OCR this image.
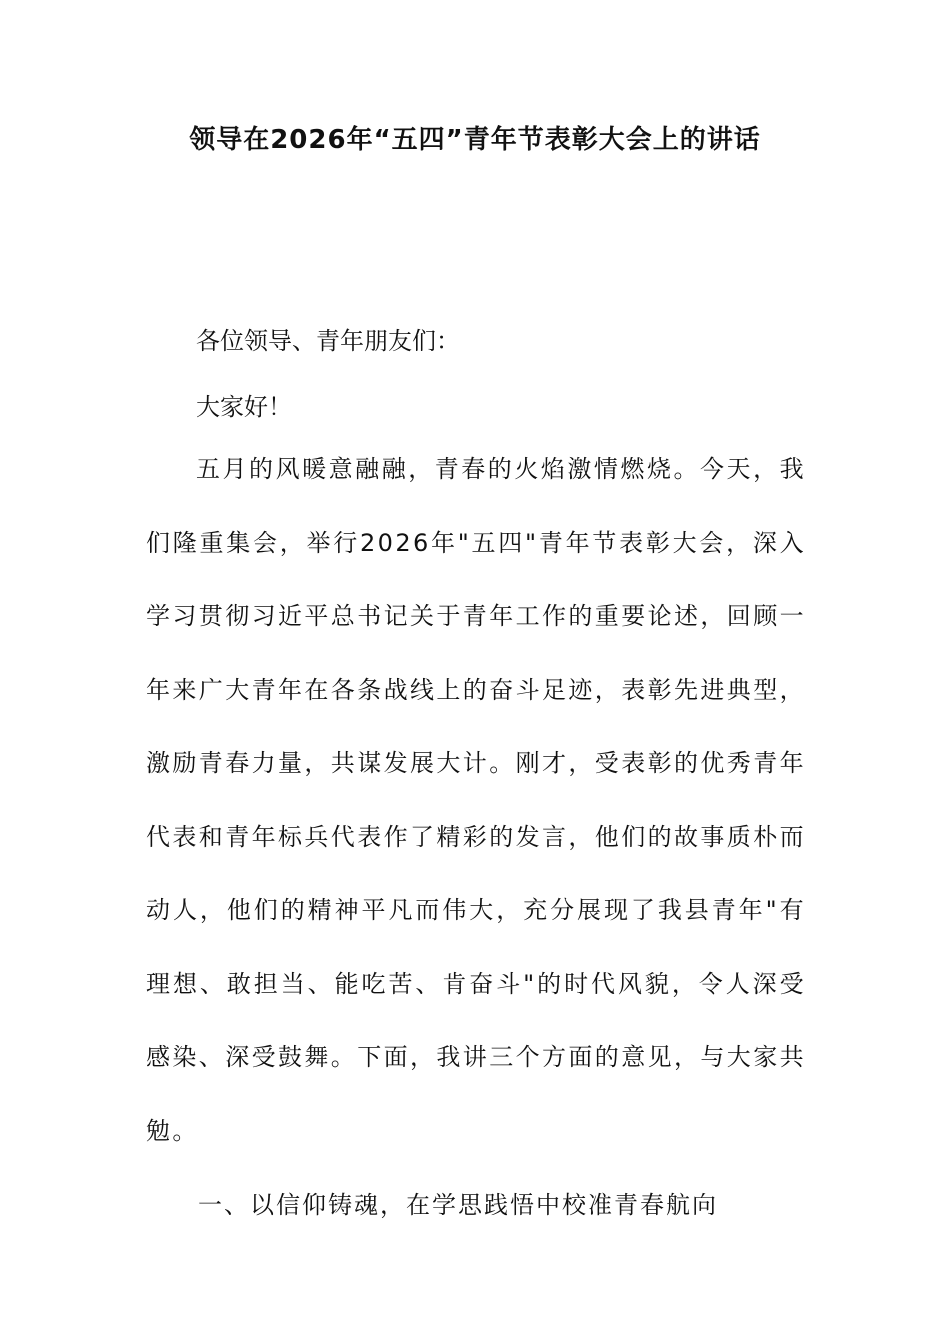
领导在2026年“五四”青年节表彰大会上的讲话

各位领导、青年朋友们：

大家好！

五月的风暖意融融，青春的火焰激情燃烧。今天，我们隆重集会，举行2026年"五四"青年节表彰大会，深入学习贯彻习近平总书记关于青年工作的重要论述，回顾一年来广大青年在各条战线上的奋斗足迹，表彰先进典型，激励青春力量，共谋发展大计。刚才，受表彰的优秀青年代表和青年标兵代表作了精彩的发言，他们的故事质朴而动人，他们的精神平凡而伟大，充分展现了我县青年"有理想、敢担当、能吃苦、肯奋斗"的时代风貌，令人深受感染、深受鼓舞。下面，我讲三个方面的意见，与大家共勉。

一、以信仰铸魂，在学思践悟中校准青春航向
